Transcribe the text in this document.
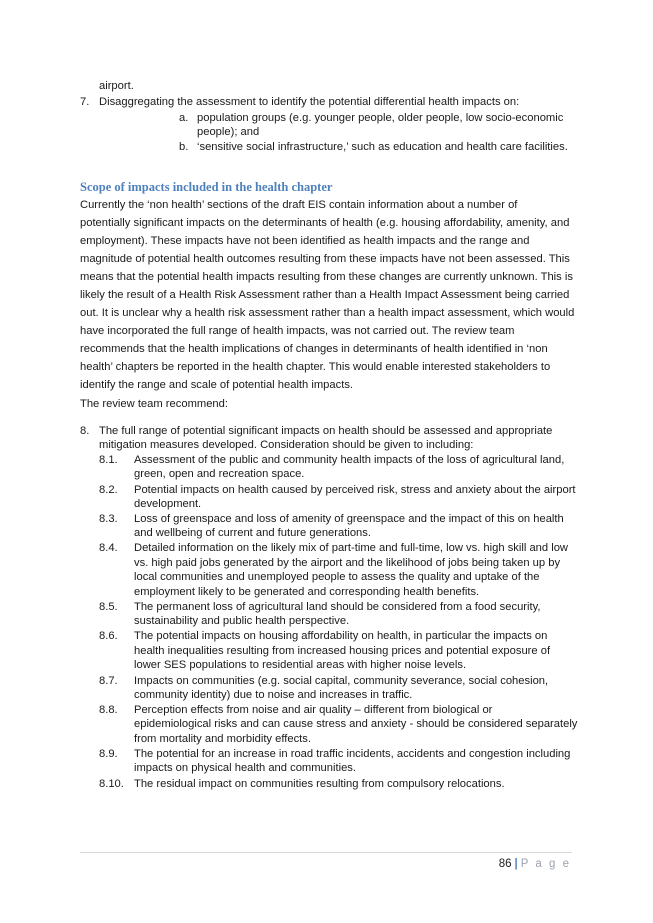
airport.
7. Disaggregating the assessment to identify the potential differential health impacts on:
a. population groups (e.g. younger people, older people, low socio-economic
people); and
b. ‘sensitive social infrastructure,’ such as education and health care facilities.
Scope of impacts included in the health chapter
Currently the ‘non health’ sections of the draft EIS contain information about a number of
potentially significant impacts on the determinants of health (e.g. housing affordability, amenity, and
employment). These impacts have not been identified as health impacts and the range and
magnitude of potential health outcomes resulting from these impacts have not been assessed. This
means that the potential health impacts resulting from these changes are currently unknown. This is
likely the result of a Health Risk Assessment rather than a Health Impact Assessment being carried
out. It is unclear why a health risk assessment rather than a health impact assessment, which would
have incorporated the full range of health impacts, was not carried out. The review team
recommends that the health implications of changes in determinants of health identified in ‘non
health’ chapters be reported in the health chapter. This would enable interested stakeholders to
identify the range and scale of potential health impacts.
The review team recommend:
8. The full range of potential significant impacts on health should be assessed and appropriate
mitigation measures developed. Consideration should be given to including:
8.1. Assessment of the public and community health impacts of the loss of agricultural land,
green, open and recreation space.
8.2. Potential impacts on health caused by perceived risk, stress and anxiety about the airport
development.
8.3. Loss of greenspace and loss of amenity of greenspace and the impact of this on health
and wellbeing of current and future generations.
8.4. Detailed information on the likely mix of part-time and full-time, low vs. high skill and low
vs. high paid jobs generated by the airport and the likelihood of jobs being taken up by
local communities and unemployed people to assess the quality and uptake of the
employment likely to be generated and corresponding health benefits.
8.5. The permanent loss of agricultural land should be considered from a food security,
sustainability and public health perspective.
8.6. The potential impacts on housing affordability on health, in particular the impacts on
health inequalities resulting from increased housing prices and potential exposure of
lower SES populations to residential areas with higher noise levels.
8.7. Impacts on communities (e.g. social capital, community severance, social cohesion,
community identity) due to noise and increases in traffic.
8.8. Perception effects from noise and air quality – different from biological or
epidemiological risks and can cause stress and anxiety - should be considered separately
from mortality and morbidity effects.
8.9. The potential for an increase in road traffic incidents, accidents and congestion including
impacts on physical health and communities.
8.10. The residual impact on communities resulting from compulsory relocations.
86 | P a g e
